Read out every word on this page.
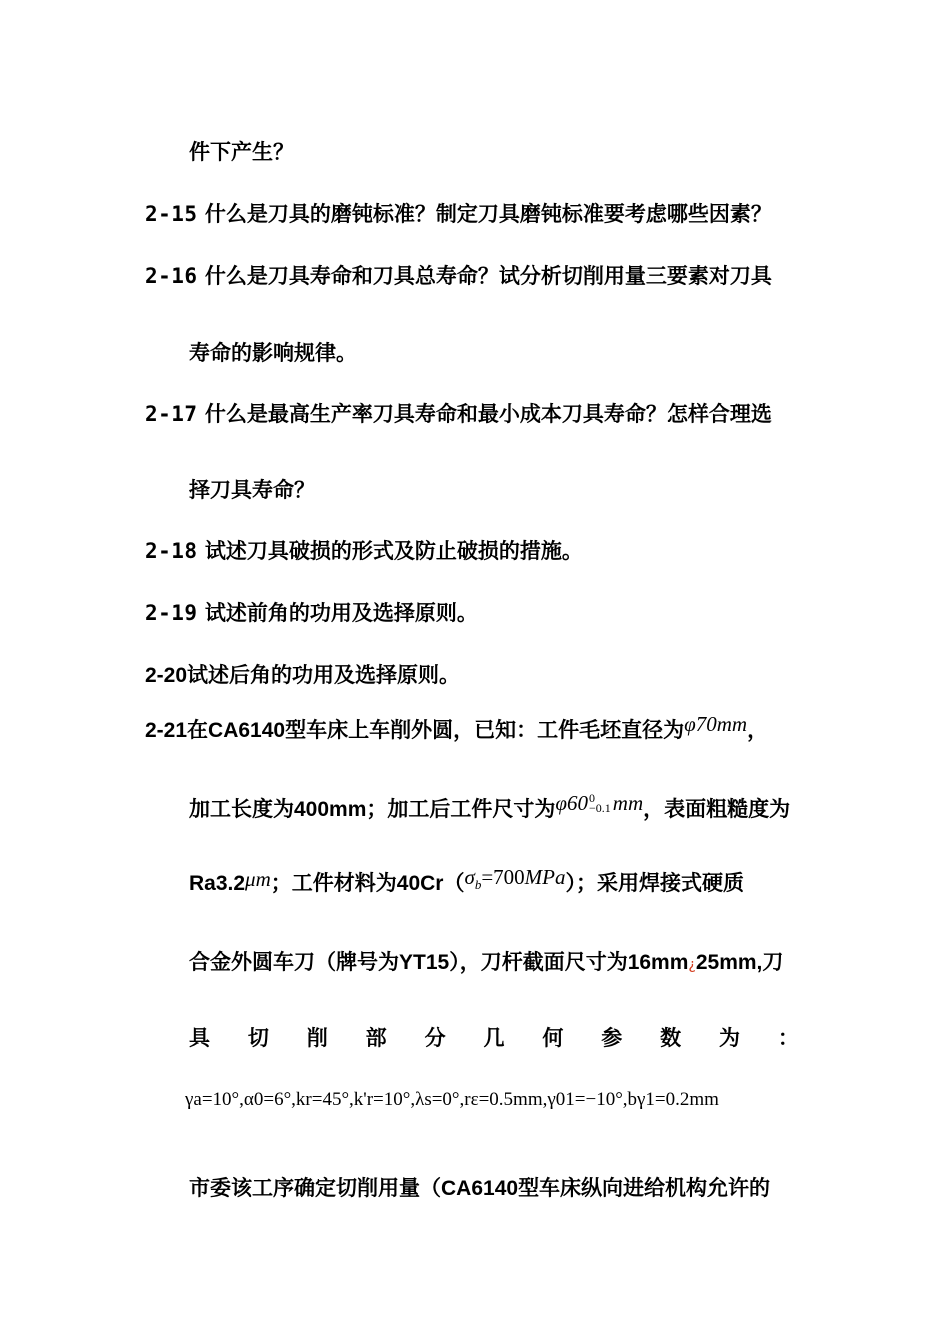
件下产生？
2-15 什么是刀具的磨钝标准？制定刀具磨钝标准要考虑哪些因素？
2-16 什么是刀具寿命和刀具总寿命？试分析切削用量三要素对刀具
寿命的影响规律。
2-17 什么是最高生产率刀具寿命和最小成本刀具寿命？怎样合理选
择刀具寿命？
2-18 试述刀具破损的形式及防止破损的措施。
2-19 试述前角的功用及选择原则。
2-20试述后角的功用及选择原则。
2-21在CA6140型车床上车削外圆，已知：工件毛坯直径为φ70mm，
加工长度为400mm；加工后工件尺寸为φ60 0
−0.1 mm，表面粗糙度为
Ra3.2μm；工件材料为$40Cr(\sigma_b=700MPa)$；采用焊接式硬质
合金外圆车刀（牌号为YT15），刀杆截面尺寸为16mm¿25mm,刀
具 切 削 部 分 几 何 参 数 为 ：
γa=10°,α0=6°,kr=45°,k'r=10°,λs=0°,rε=0.5mm,γ01=−10°,bγ1=0.2mm
市委该工序确定切削用量（CA6140型车床纵向进给机构允许的
